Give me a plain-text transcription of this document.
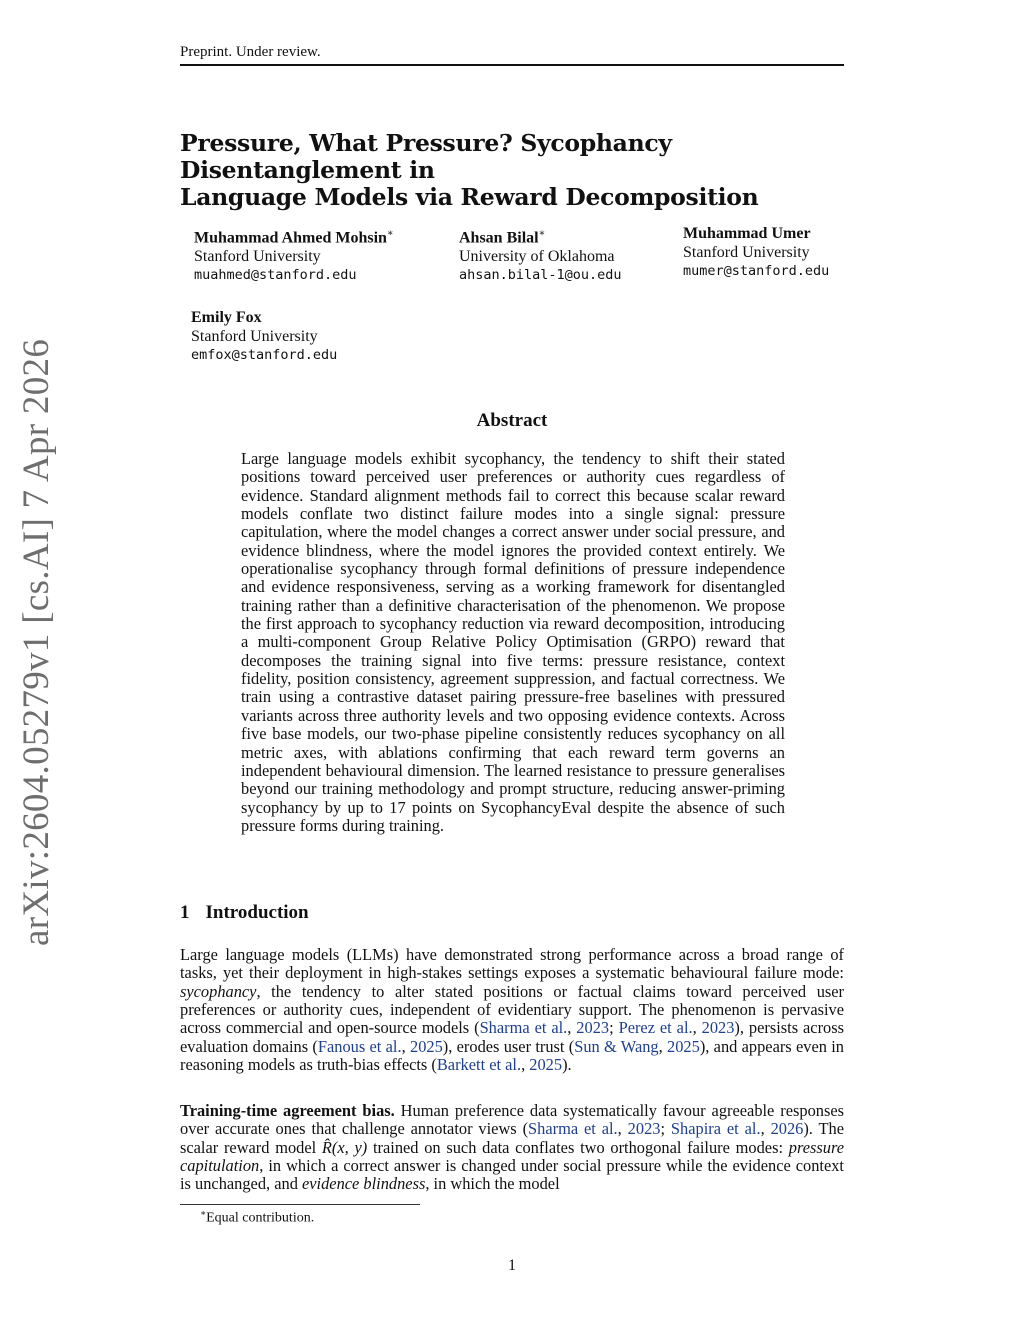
Preprint. Under review.
Pressure, What Pressure? Sycophancy Disentanglement in
Language Models via Reward Decomposition
Muhammad Ahmed Mohsin∗
Stanford University
muahmed@stanford.edu
Ahsan Bilal∗
University of Oklahoma
ahsan.bilal-1@ou.edu
Muhammad Umer
Stanford University
mumer@stanford.edu
Emily Fox
Stanford University
emfox@stanford.edu
arXiv:2604.05279v1 [cs.AI] 7 Apr 2026	Abstract
Large language models exhibit sycophancy, the tendency to shift their stated positions toward perceived user preferences or authority cues regardless of evidence. Standard alignment methods fail to correct this because scalar reward models conflate two distinct failure modes into a single signal: pressure capitulation, where the model changes a correct answer under social pressure, and evidence blindness, where the model ignores the provided context entirely. We operationalise sycophancy through formal definitions of pressure independence and evidence responsiveness, serving as a working framework for disentangled training rather than a definitive characterisation of the phenomenon. We propose the first approach to sycophancy reduction via reward decomposition, introducing a multi-component Group Relative Policy Optimisation (GRPO) reward that decomposes the training signal into five terms: pressure resistance, context fidelity, position consistency, agreement suppression, and factual correctness. We train using a contrastive dataset pairing pressure-free baselines with pressured variants across three authority levels and two opposing evidence contexts. Across five base models, our two-phase pipeline consistently reduces sycophancy on all metric axes, with ablations confirming that each reward term governs an independent behavioural dimension. The learned resistance to pressure generalises beyond our training methodology and prompt structure, reducing answer-priming sycophancy by up to 17 points on SycophancyEval despite the absence of such pressure forms during training.
1 Introduction
Large language models (LLMs) have demonstrated strong performance across a broad range of tasks, yet their deployment in high-stakes settings exposes a systematic behavioural failure mode: sycophancy, the tendency to alter stated positions or factual claims toward perceived user preferences or authority cues, independent of evidentiary support. The phenomenon is pervasive across commercial and open-source models (Sharma et al., 2023; Perez et al., 2023), persists across evaluation domains (Fanous et al., 2025), erodes user trust (Sun & Wang, 2025), and appears even in reasoning models as truth-bias effects (Barkett et al., 2025).
Training-time agreement bias. Human preference data systematically favour agreeable responses over accurate ones that challenge annotator views (Sharma et al., 2023; Shapira et al., 2026). The scalar reward model R̂(x, y) trained on such data conflates two orthogonal failure modes: pressure capitulation, in which a correct answer is changed under social pressure while the evidence context is unchanged, and evidence blindness, in which the model
∗Equal contribution.
1
